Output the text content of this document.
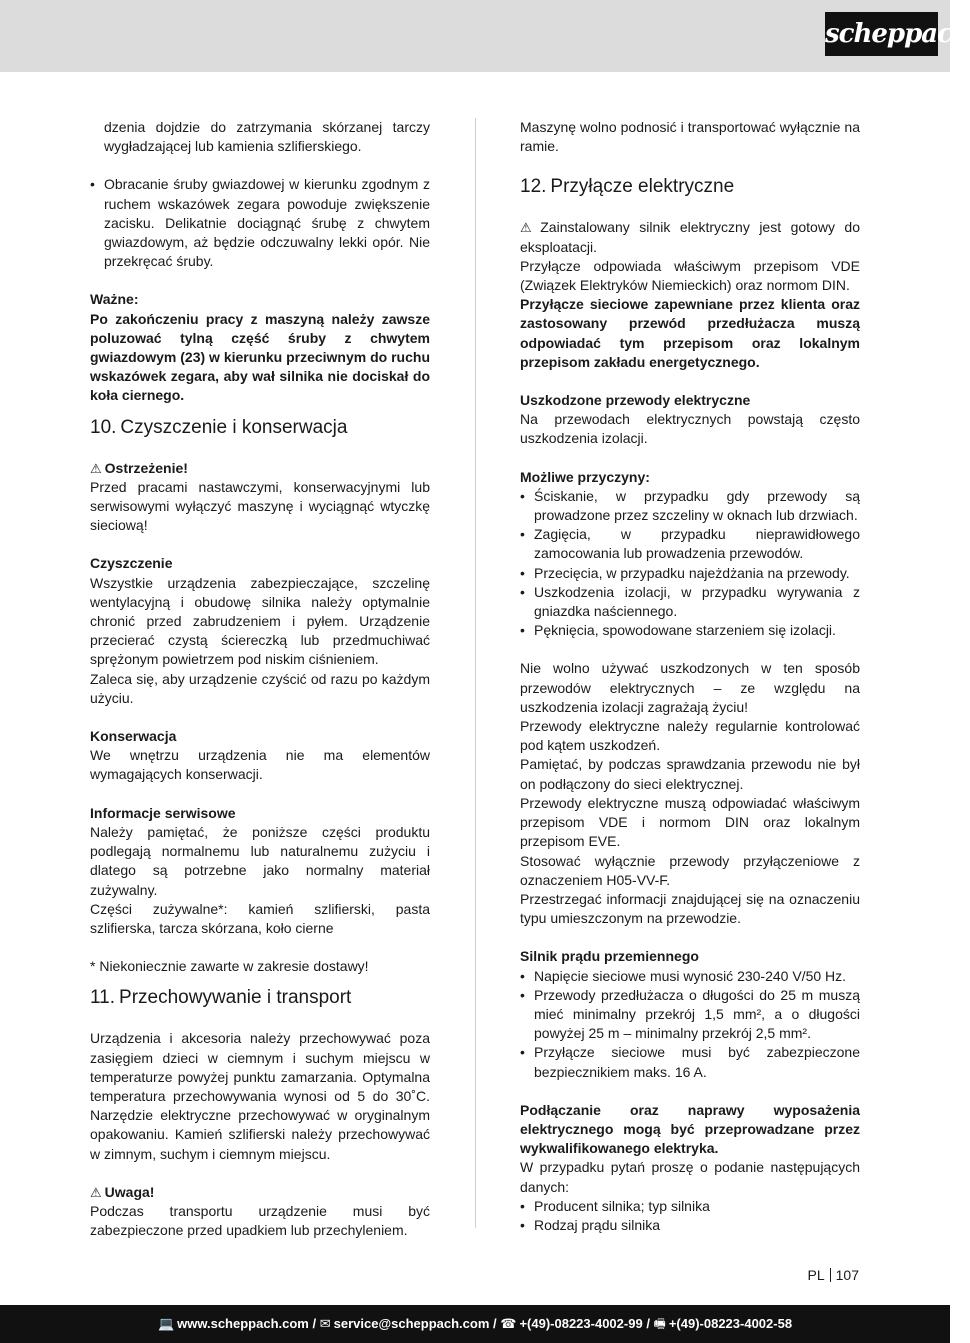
scheppach

dzenia dojdzie do zatrzymania skórzanej tarczy wygładzającej lub kamienia szlifierskiego.

• Obracanie śruby gwiazdowej w kierunku zgodnym z ruchem wskazówek zegara powoduje zwiększenie zacisku. Delikatnie dociągnąć śrubę z chwytem gwiazdowym, aż będzie odczuwalny lekki opór. Nie przekręcać śruby.

Ważne:

Po zakończeniu pracy z maszyną należy zawsze poluzować tylną część śruby z chwytem gwiazdowym (23) w kierunku przeciwnym do ruchu wskazówek zegara, aby wał silnika nie dociskał do koła ciernego.

10. Czyszczenie i konserwacja

⚠ Ostrzeżenie!

Przed pracami nastawczymi, konserwacyjnymi lub serwisowymi wyłączyć maszynę i wyciągnąć wtyczkę sieciową!

Czyszczenie

Wszystkie urządzenia zabezpieczające, szczelinę wentylacyjną i obudowę silnika należy optymalnie chronić przed zabrudzeniem i pyłem. Urządzenie przecierać czystą ściereczką lub przedmuchiwać sprężonym powietrzem pod niskim ciśnieniem.

Zaleca się, aby urządzenie czyścić od razu po każdym użyciu.

Konserwacja

We wnętrzu urządzenia nie ma elementów wymagających konserwacji.

Informacje serwisowe

Należy pamiętać, że poniższe części produktu podlegają normalnemu lub naturalnemu zużyciu i dlatego są potrzebne jako normalny materiał zużywalny.

Części zużywalne*: kamień szlifierski, pasta szlifierska, tarcza skórzana, koło cierne

* Niekoniecznie zawarte w zakresie dostawy!

11. Przechowywanie i transport

Urządzenia i akcesoria należy przechowywać poza zasięgiem dzieci w ciemnym i suchym miejscu w temperaturze powyżej punktu zamarzania. Optymalna temperatura przechowywania wynosi od 5 do 30˚C. Narzędzie elektryczne przechowywać w oryginalnym opakowaniu. Kamień szlifierski należy przechowywać w zimnym, suchym i ciemnym miejscu.

⚠ Uwaga!

Podczas transportu urządzenie musi być zabezpieczone przed upadkiem lub przechyleniem.

Maszynę wolno podnosić i transportować wyłącznie na ramie.

12. Przyłącze elektryczne

⚠ Zainstalowany silnik elektryczny jest gotowy do eksploatacji.

Przyłącze odpowiada właściwym przepisom VDE (Związek Elektryków Niemieckich) oraz normom DIN.

Przyłącze sieciowe zapewniane przez klienta oraz zastosowany przewód przedłużacza muszą odpowiadać tym przepisom oraz lokalnym przepisom zakładu energetycznego.

Uszkodzone przewody elektryczne

Na przewodach elektrycznych powstają często uszkodzenia izolacji.

Możliwe przyczyny:

• Ściskanie, w przypadku gdy przewody są prowadzone przez szczeliny w oknach lub drzwiach.
• Zagięcia, w przypadku nieprawidłowego zamocowania lub prowadzenia przewodów.
• Przecięcia, w przypadku najeżdżania na przewody.
• Uszkodzenia izolacji, w przypadku wyrywania z gniazdka naściennego.
• Pęknięcia, spowodowane starzeniem się izolacji.

Nie wolno używać uszkodzonych w ten sposób przewodów elektrycznych – ze względu na uszkodzenia izolacji zagrażają życiu!

Przewody elektryczne należy regularnie kontrolować pod kątem uszkodzeń.

Pamiętać, by podczas sprawdzania przewodu nie był on podłączony do sieci elektrycznej.

Przewody elektryczne muszą odpowiadać właściwym przepisom VDE i normom DIN oraz lokalnym przepisom EVE.

Stosować wyłącznie przewody przyłączeniowe z oznaczeniem H05-VV-F.

Przestrzegać informacji znajdującej się na oznaczeniu typu umieszczonym na przewodzie.

Silnik prądu przemiennego

• Napięcie sieciowe musi wynosić 230-240 V/50 Hz.
• Przewody przedłużacza o długości do 25 m muszą mieć minimalny przekrój 1,5 mm², a o długości powyżej 25 m – minimalny przekrój 2,5 mm².
• Przyłącze sieciowe musi być zabezpieczone bezpiecznikiem maks. 16 A.

Podłączanie oraz naprawy wyposażenia elektrycznego mogą być przeprowadzane przez wykwalifikowanego elektryka.

W przypadku pytań proszę o podanie następujących danych:

• Producent silnika; typ silnika
• Rodzaj prądu silnika
PL 107
💻 www.scheppach.com / ✉ service@scheppach.com / ☎ +(49)-08223-4002-99 / 🖷 +(49)-08223-4002-58
